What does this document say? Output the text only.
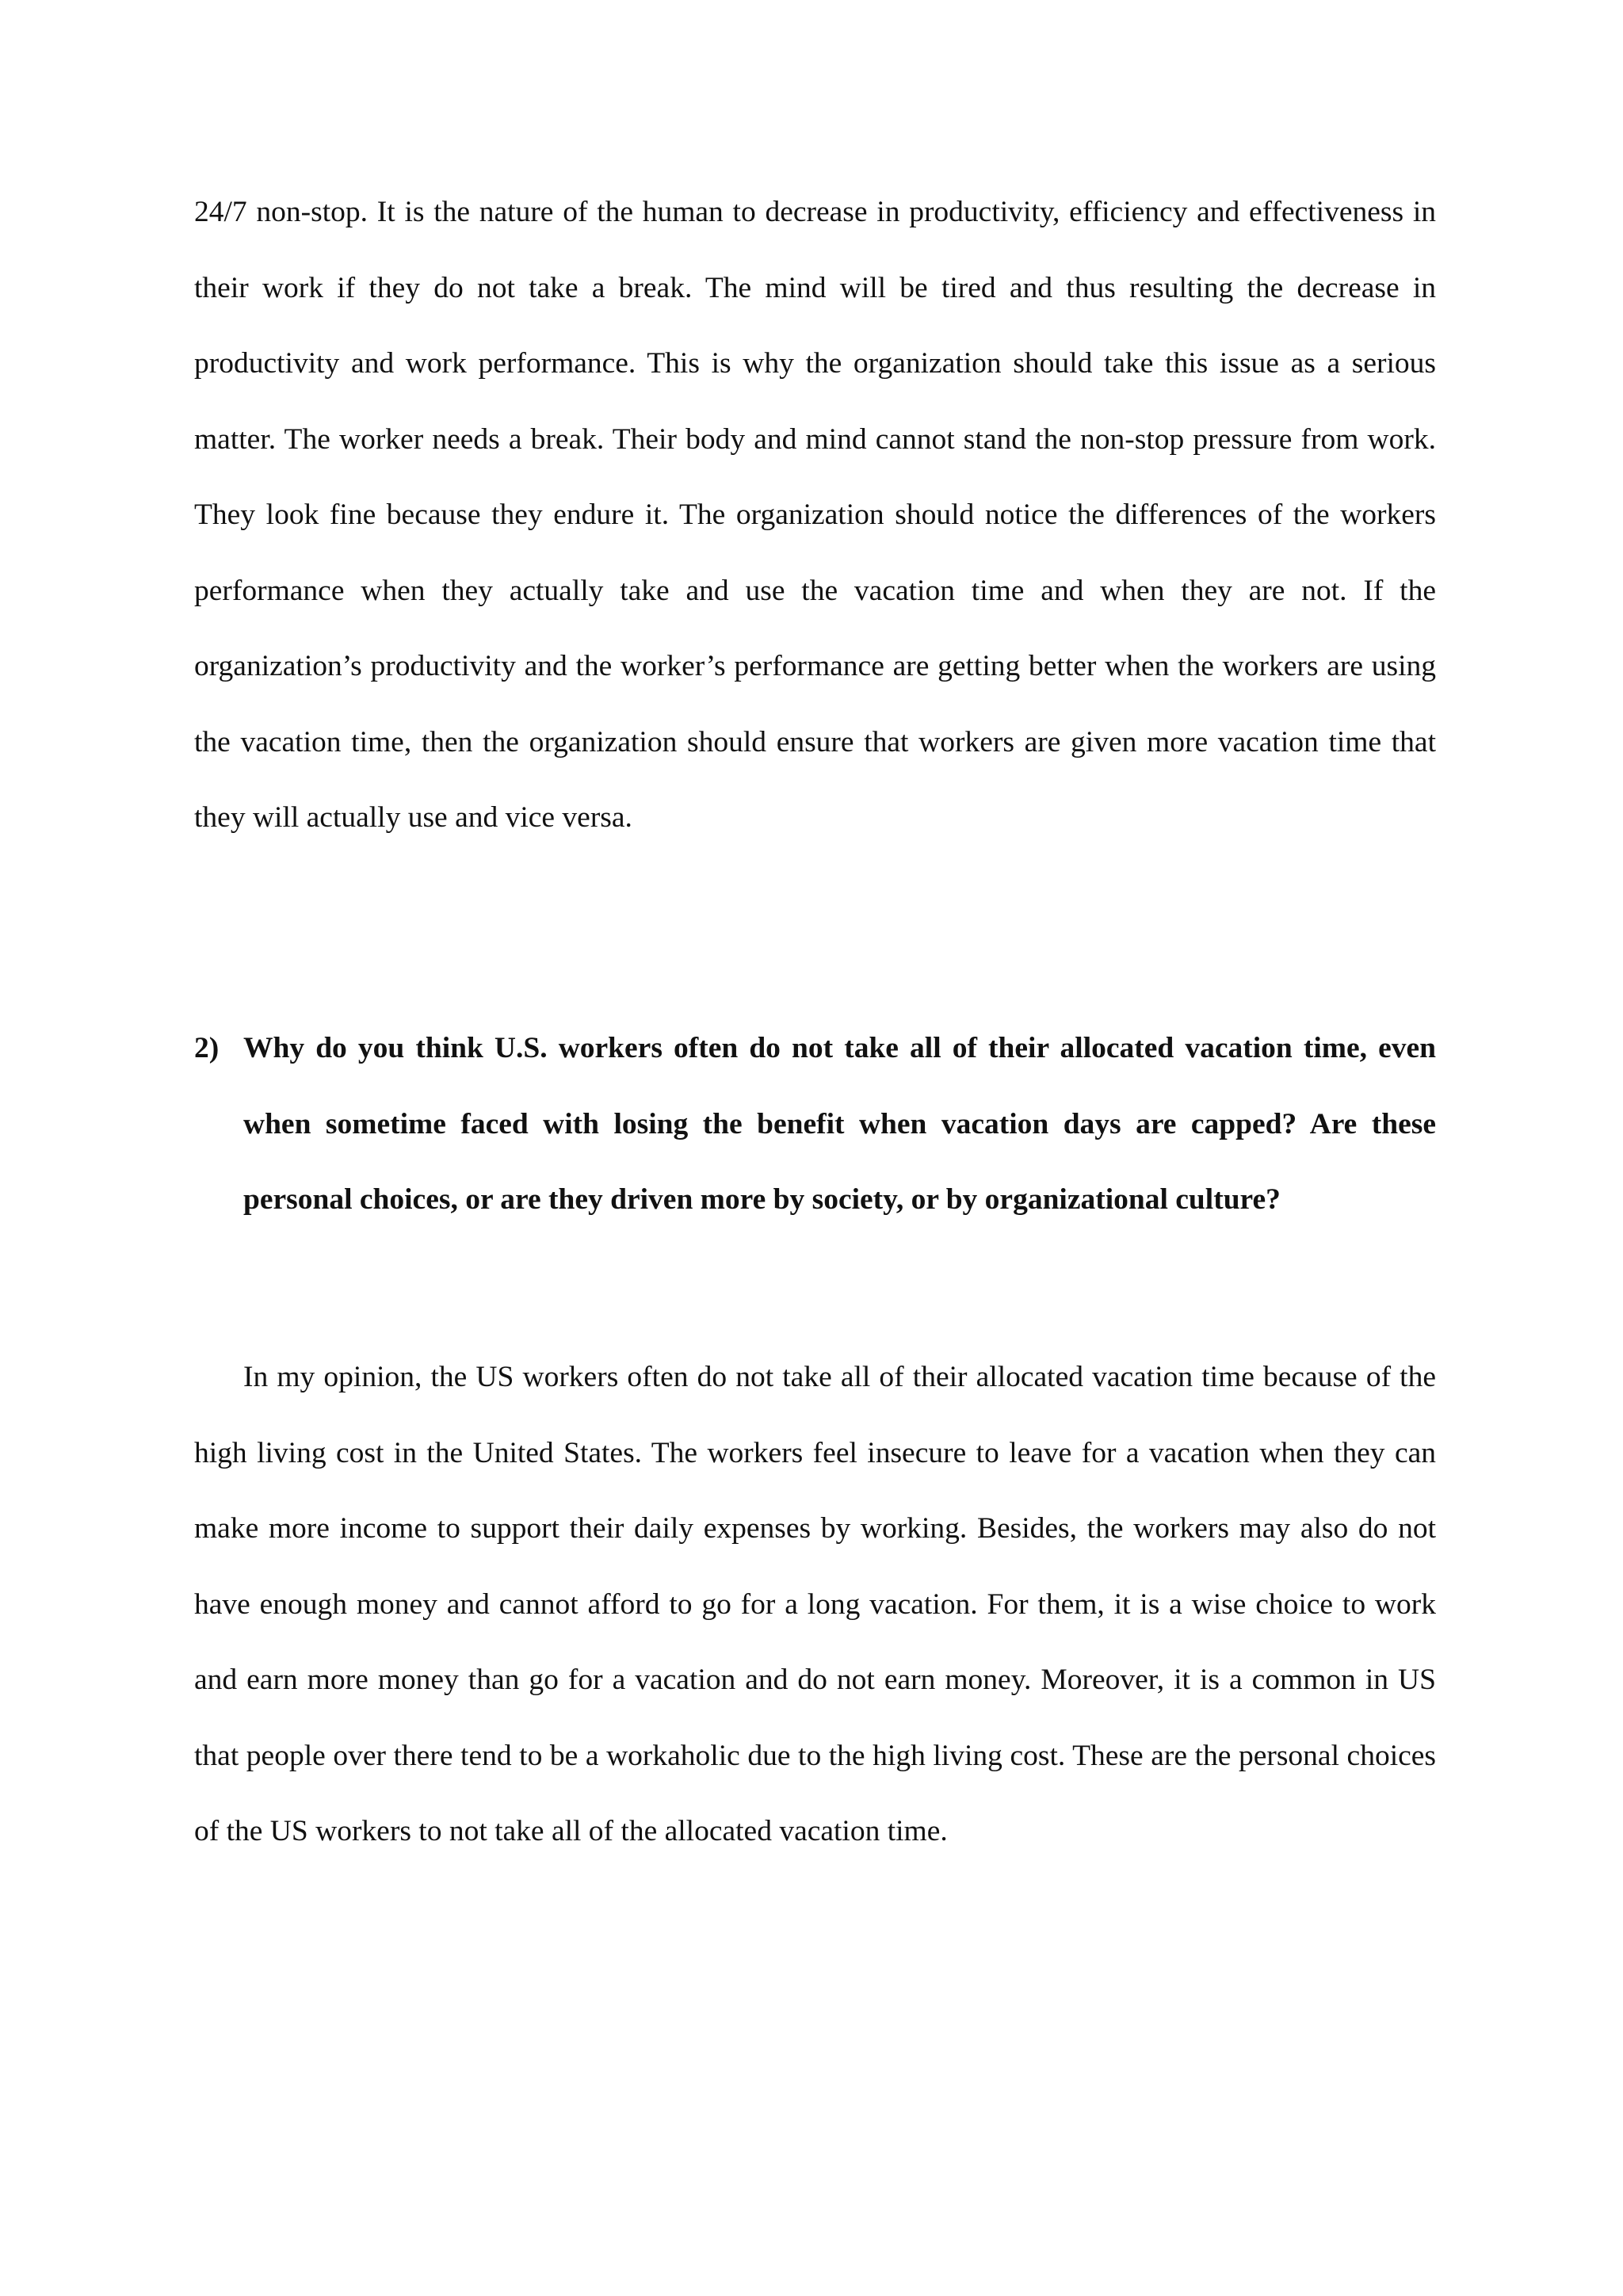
24/7 non-stop. It is the nature of the human to decrease in productivity, efficiency and effectiveness in their work if they do not take a break. The mind will be tired and thus resulting the decrease in productivity and work performance. This is why the organization should take this issue as a serious matter. The worker needs a break. Their body and mind cannot stand the non-stop pressure from work. They look fine because they endure it. The organization should notice the differences of the workers performance when they actually take and use the vacation time and when they are not. If the organization’s productivity and the worker’s performance are getting better when the workers are using the vacation time, then the organization should ensure that workers are given more vacation time that they will actually use and vice versa.

2) Why do you think U.S. workers often do not take all of their allocated vacation time, even when sometime faced with losing the benefit when vacation days are capped? Are these personal choices, or are they driven more by society, or by organizational culture?

In my opinion, the US workers often do not take all of their allocated vacation time because of the high living cost in the United States. The workers feel insecure to leave for a vacation when they can make more income to support their daily expenses by working. Besides, the workers may also do not have enough money and cannot afford to go for a long vacation. For them, it is a wise choice to work and earn more money than go for a vacation and do not earn money. Moreover, it is a common in US that people over there tend to be a workaholic due to the high living cost. These are the personal choices of the US workers to not take all of the allocated vacation time.
